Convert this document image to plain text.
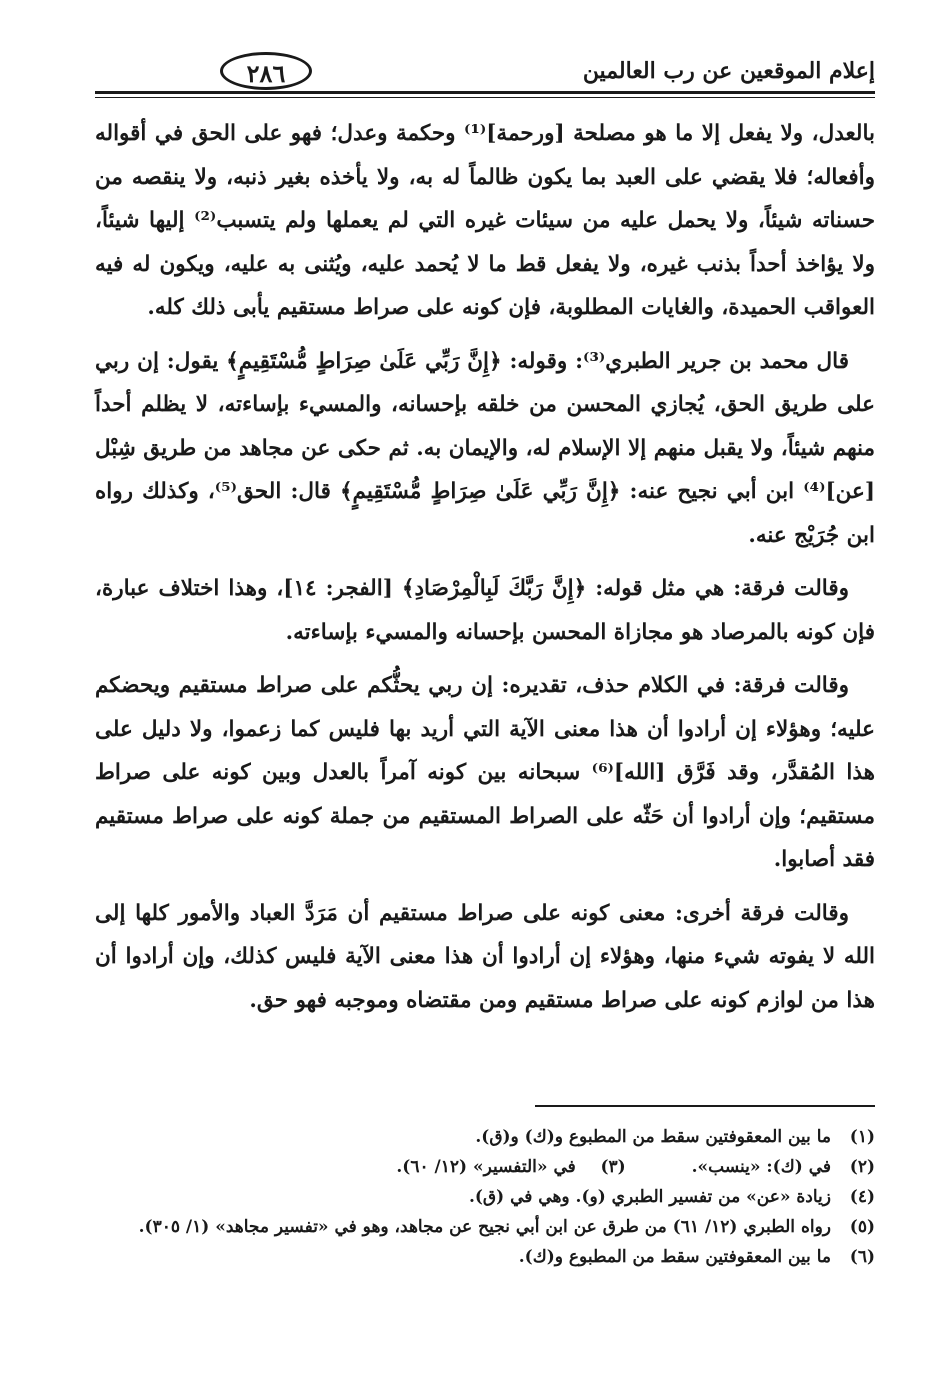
إعلام الموقعين عن رب العالمين
٢٨٦

بالعدل، ولا يفعل إلا ما هو مصلحة [ورحمة]⁽¹⁾ وحكمة وعدل؛ فهو على الحق في أقواله وأفعاله؛ فلا يقضي على العبد بما يكون ظالماً له به، ولا يأخذه بغير ذنبه، ولا ينقصه من حسناته شيئاً، ولا يحمل عليه من سيئات غيره التي لم يعملها ولم يتسبب⁽²⁾ إليها شيئاً، ولا يؤاخذ أحداً بذنب غيره، ولا يفعل قط ما لا يُحمد عليه، ويُثنى به عليه، ويكون له فيه العواقب الحميدة، والغايات المطلوبة، فإن كونه على صراط مستقيم يأبى ذلك كله.

قال محمد بن جرير الطبري⁽³⁾: وقوله: ﴿إِنَّ رَبِّي عَلَىٰ صِرَاطٍ مُّسْتَقِيمٍ﴾ يقول: إن ربي على طريق الحق، يُجازي المحسن من خلقه بإحسانه، والمسيء بإساءته، لا يظلم أحداً منهم شيئاً، ولا يقبل منهم إلا الإسلام له، والإيمان به. ثم حكى عن مجاهد من طريق شِبْل [عن]⁽⁴⁾ ابن أبي نجيح عنه: ﴿إِنَّ رَبِّي عَلَىٰ صِرَاطٍ مُّسْتَقِيمٍ﴾ قال: الحق⁽⁵⁾، وكذلك رواه ابن جُرَيْج عنه.

وقالت فرقة: هي مثل قوله: ﴿إِنَّ رَبَّكَ لَبِالْمِرْصَادِ﴾ [الفجر: ١٤]، وهذا اختلاف عبارة، فإن كونه بالمرصاد هو مجازاة المحسن بإحسانه والمسيء بإساءته.

وقالت فرقة: في الكلام حذف، تقديره: إن ربي يحثُّكم على صراط مستقيم ويحضكم عليه؛ وهؤلاء إن أرادوا أن هذا معنى الآية التي أريد بها فليس كما زعموا، ولا دليل على هذا المُقدَّر، وقد فَرَّق [الله]⁽⁶⁾ سبحانه بين كونه آمراً بالعدل وبين كونه على صراط مستقيم؛ وإن أرادوا أن حَثّه على الصراط المستقيم من جملة كونه على صراط مستقيم فقد أصابوا.

وقالت فرقة أخرى: معنى كونه على صراط مستقيم أن مَرَدَّ العباد والأمور كلها إلى الله لا يفوته شيء منها، وهؤلاء إن أرادوا أن هذا معنى الآية فليس كذلك، وإن أرادوا أن هذا من لوازم كونه على صراط مستقيم ومن مقتضاه وموجبه فهو حق.

(١)
ما بين المعقوفتين سقط من المطبوع و(ك) و(ق).
(٢)
في (ك): «ينسب». (٣) في «التفسير» (١٢/ ٦٠).
(٤)
زيادة «عن» من تفسير الطبري (و). وهي في (ق).
(٥)
رواه الطبري (١٢/ ٦١) من طرق عن ابن أبي نجيح عن مجاهد، وهو في «تفسير مجاهد» (١/ ٣٠٥).
(٦)
ما بين المعقوفتين سقط من المطبوع و(ك).
